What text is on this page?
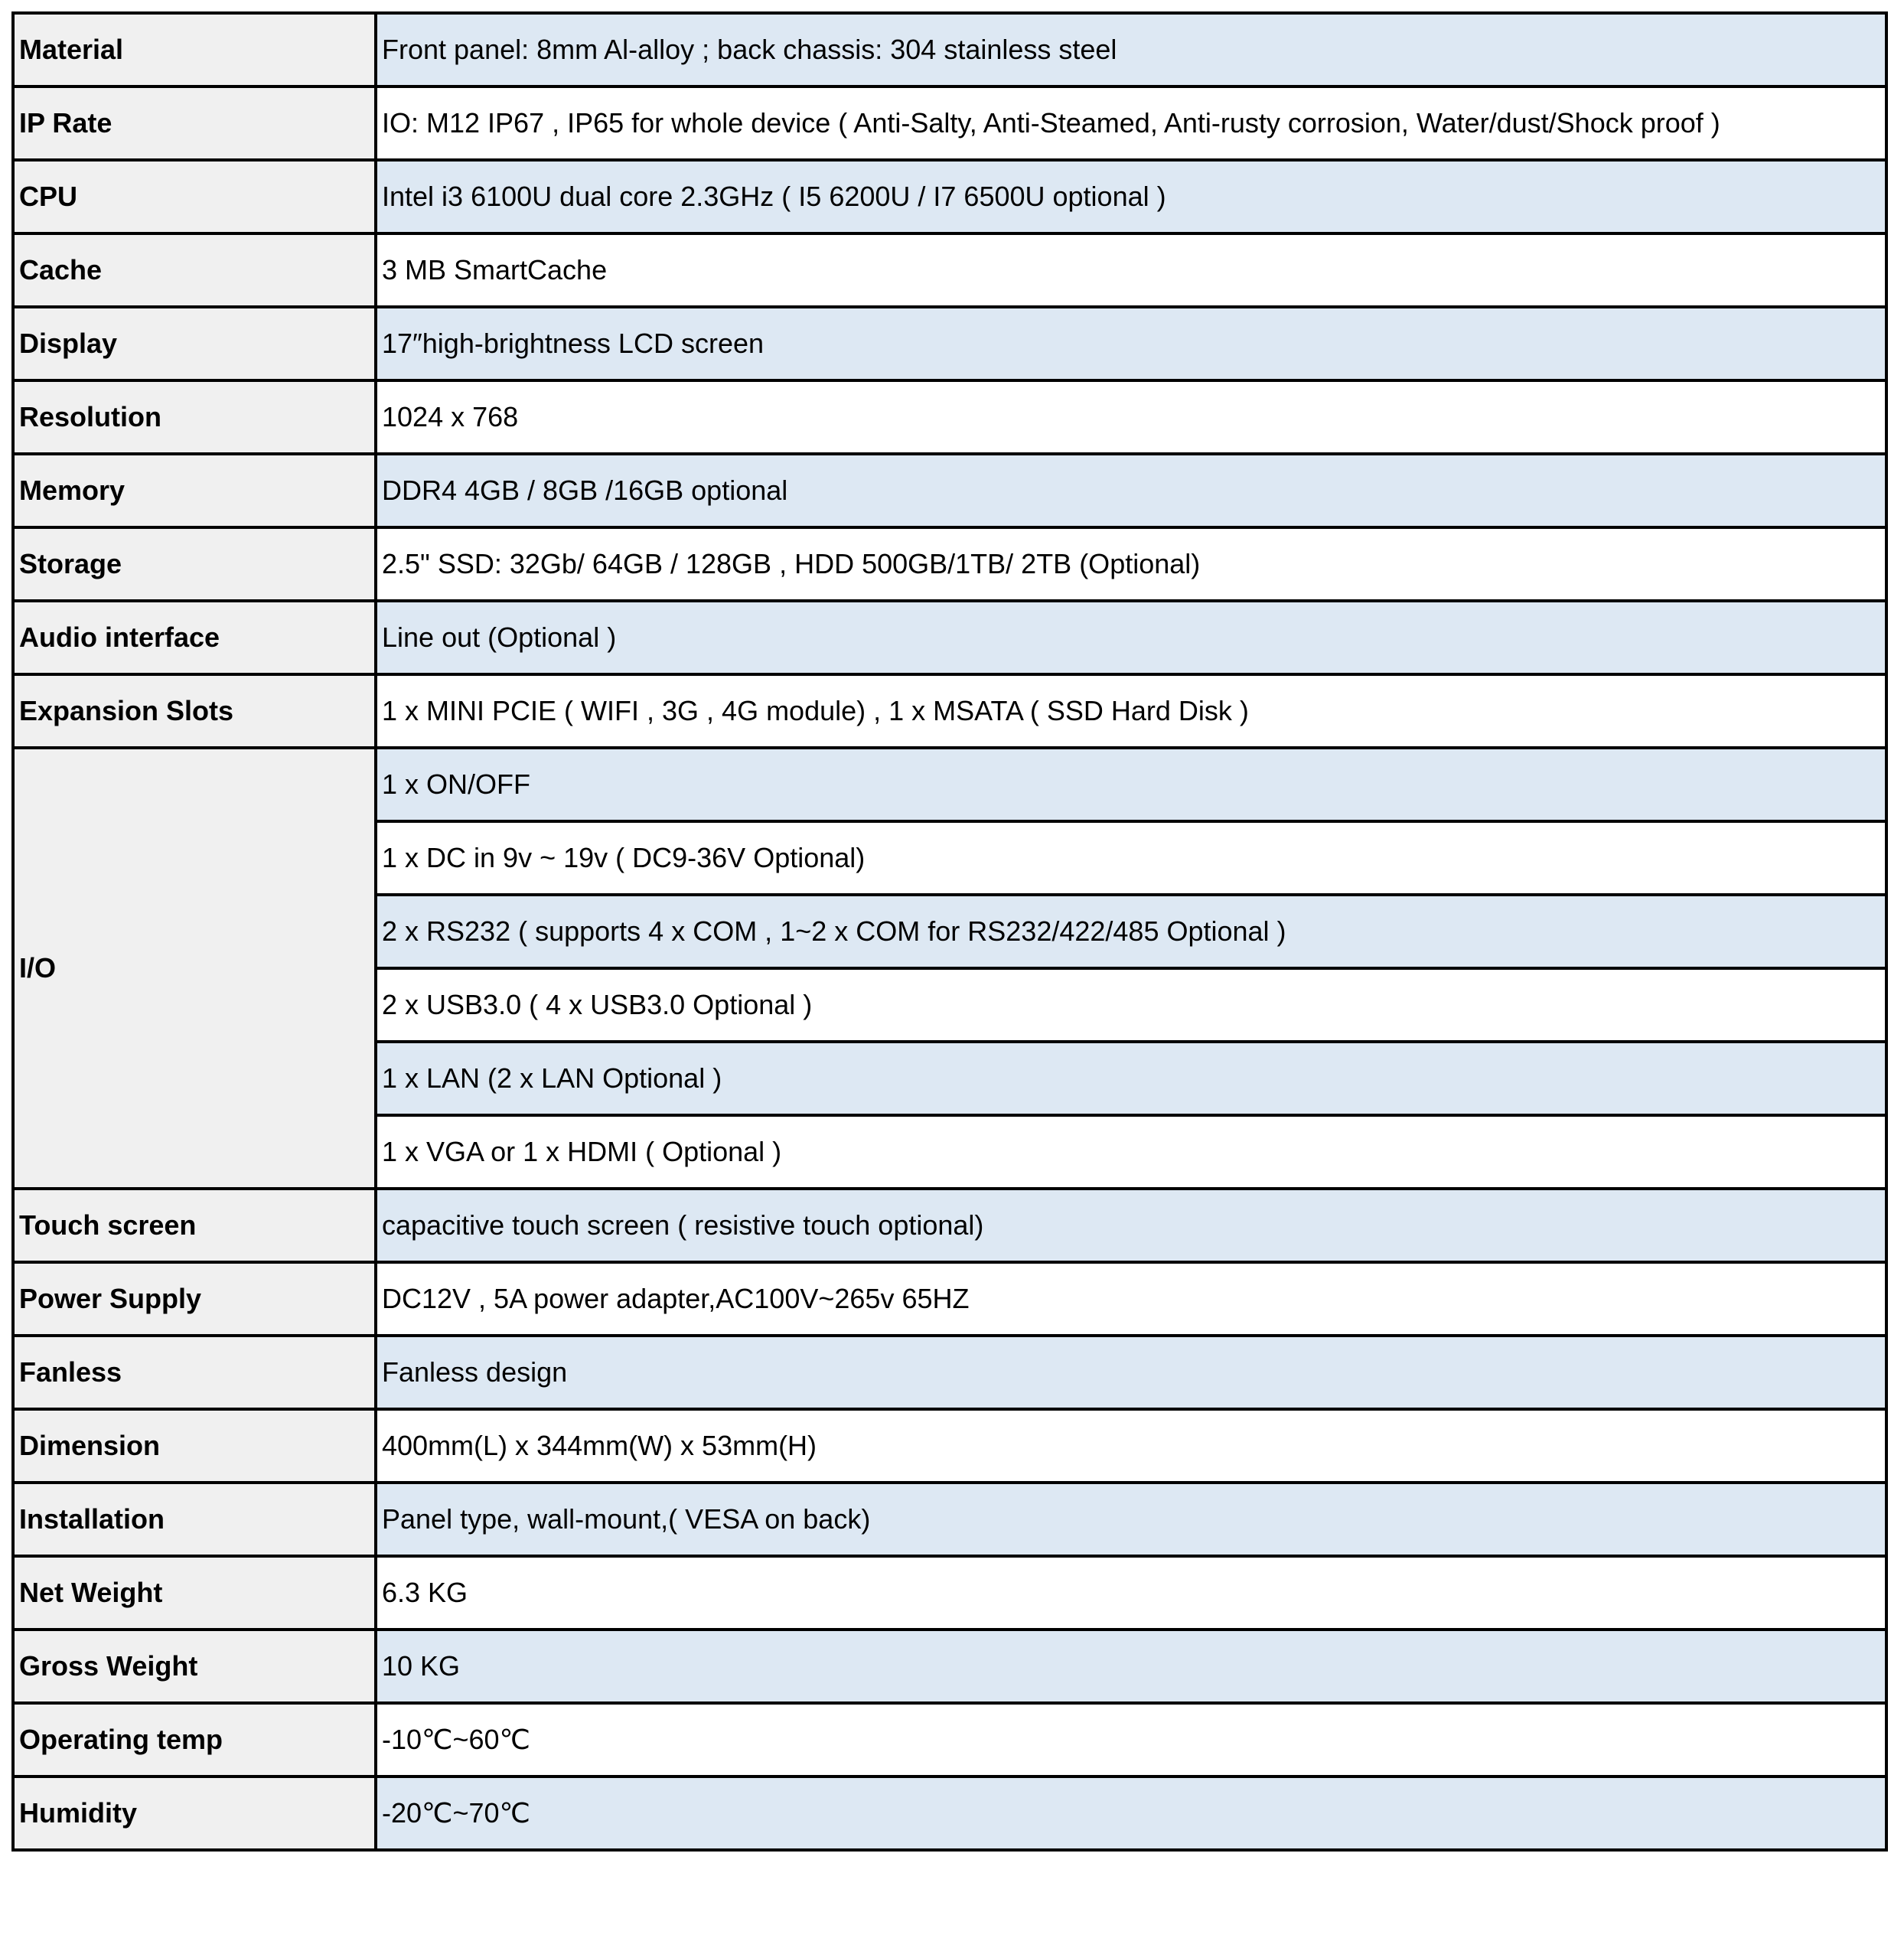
Material	Front panel: 8mm Al-alloy ; back chassis: 304 stainless steel
IP Rate	IO: M12 IP67 , IP65 for whole device ( Anti-Salty, Anti-Steamed, Anti-rusty corrosion, Water/dust/Shock proof )
CPU	Intel i3 6100U dual core 2.3GHz ( I5 6200U / I7 6500U optional )
Cache	3 MB SmartCache
Display	17″high-brightness LCD screen
Resolution	1024 x 768
Memory	DDR4 4GB / 8GB /16GB optional
Storage	2.5" SSD: 32Gb/ 64GB / 128GB , HDD 500GB/1TB/ 2TB (Optional)
Audio interface	Line out (Optional )
Expansion Slots	1 x MINI PCIE ( WIFI , 3G , 4G module) , 1 x MSATA ( SSD Hard Disk )
I/O	1 x ON/OFF
	1 x DC in 9v ~ 19v ( DC9-36V Optional)
	2 x RS232 ( supports 4 x COM , 1~2 x COM for RS232/422/485 Optional )
	2 x USB3.0 ( 4 x USB3.0 Optional )
	1 x LAN (2 x LAN Optional )
	1 x VGA or 1 x HDMI ( Optional )
Touch screen	capacitive touch screen ( resistive touch optional)
Power Supply	DC12V , 5A power adapter,AC100V~265v 65HZ
Fanless	Fanless design
Dimension	400mm(L) x 344mm(W) x 53mm(H)
Installation	Panel type, wall-mount,( VESA on back)
Net Weight	6.3 KG
Gross Weight	10 KG
Operating temp	-10℃~60℃
Humidity	-20℃~70℃
